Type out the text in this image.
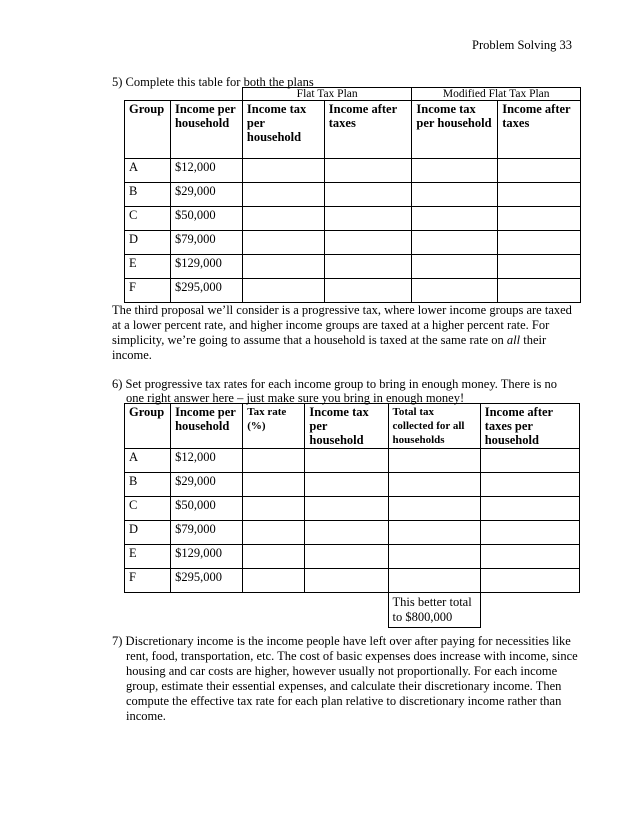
Problem Solving 33
5) Complete this table for both the plans
		Flat Tax Plan		Modified Flat Tax Plan	
Group	Income per household	Income tax per household	Income after taxes	Income tax per household	Income after taxes
A	$12,000				
B	$29,000				
C	$50,000				
D	$79,000				
E	$129,000				
F	$295,000				
The third proposal we’ll consider is a progressive tax, where lower income groups are taxed at a lower percent rate, and higher income groups are taxed at a higher percent rate. For simplicity, we’re going to assume that a household is taxed at the same rate on all their income.
6) Set progressive tax rates for each income group to bring in enough money. There is no
one right answer here – just make sure you bring in enough money!
Group	Income per household	Tax rate (%)	Income tax per household	Total tax collected for all households	Income after taxes per household
A	$12,000				
B	$29,000				
C	$50,000				
D	$79,000				
E	$129,000				
F	$295,000				

				This better total to $800,000	

7) Discretionary income is the income people have left over after paying for necessities like
rent, food, transportation, etc. The cost of basic expenses does increase with income, since housing and car costs are higher, however usually not proportionally. For each income group, estimate their essential expenses, and calculate their discretionary income. Then compute the effective tax rate for each plan relative to discretionary income rather than income.
